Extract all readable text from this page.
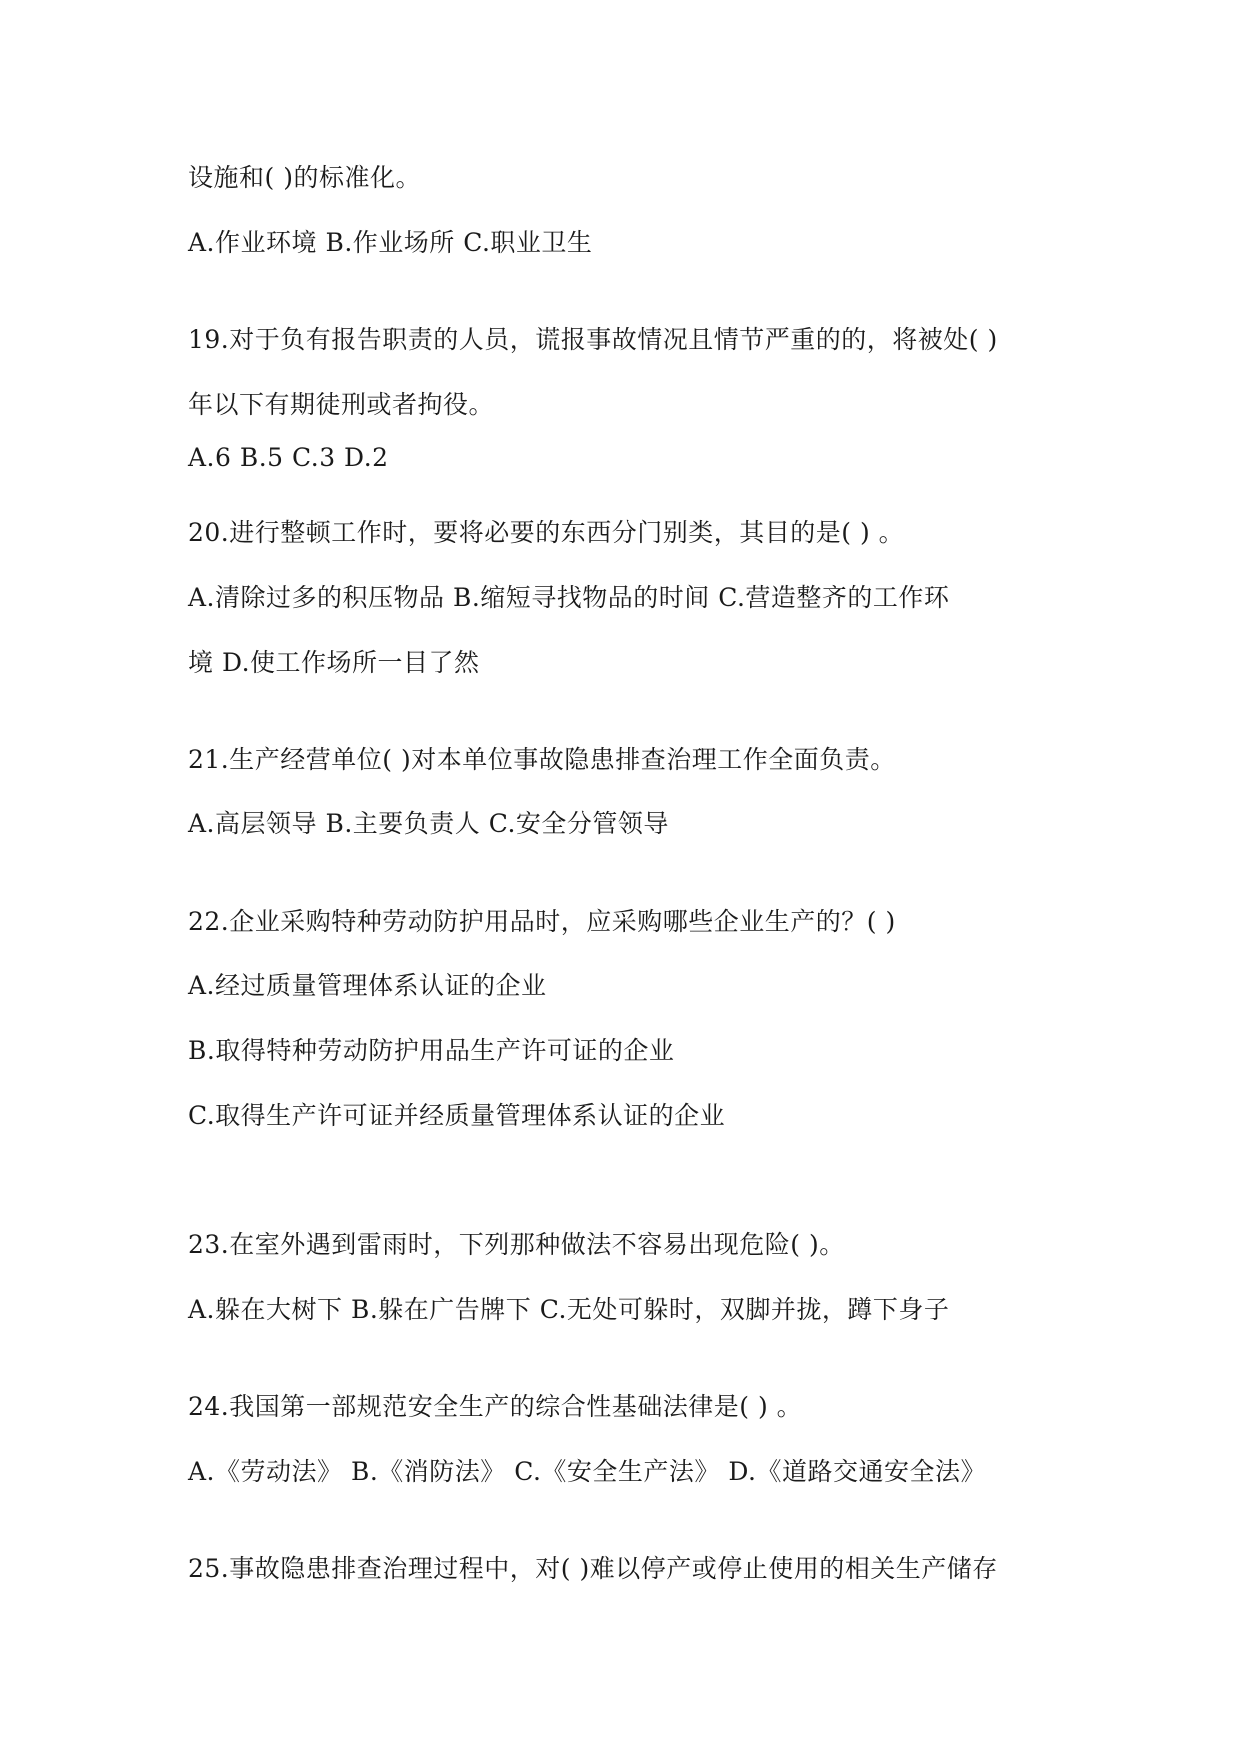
设施和( )的标准化。
A.作业环境 B.作业场所 C.职业卫生
19.对于负有报告职责的人员，谎报事故情况且情节严重的的，将被处( )
年以下有期徒刑或者拘役。
A.6 B.5 C.3 D.2
20.进行整顿工作时，要将必要的东西分门别类，其目的是( ) 。
A.清除过多的积压物品 B.缩短寻找物品的时间 C.营造整齐的工作环
境 D.使工作场所一目了然
21.生产经营单位( )对本单位事故隐患排查治理工作全面负责。
A.高层领导 B.主要负责人 C.安全分管领导
22.企业采购特种劳动防护用品时，应采购哪些企业生产的？( )
A.经过质量管理体系认证的企业
B.取得特种劳动防护用品生产许可证的企业
C.取得生产许可证并经质量管理体系认证的企业
23.在室外遇到雷雨时，下列那种做法不容易出现危险( )。
A.躲在大树下 B.躲在广告牌下 C.无处可躲时，双脚并拢，蹲下身子
24.我国第一部规范安全生产的综合性基础法律是( ) 。
A.《劳动法》 B.《消防法》 C.《安全生产法》 D.《道路交通安全法》
25.事故隐患排查治理过程中，对( )难以停产或停止使用的相关生产储存
